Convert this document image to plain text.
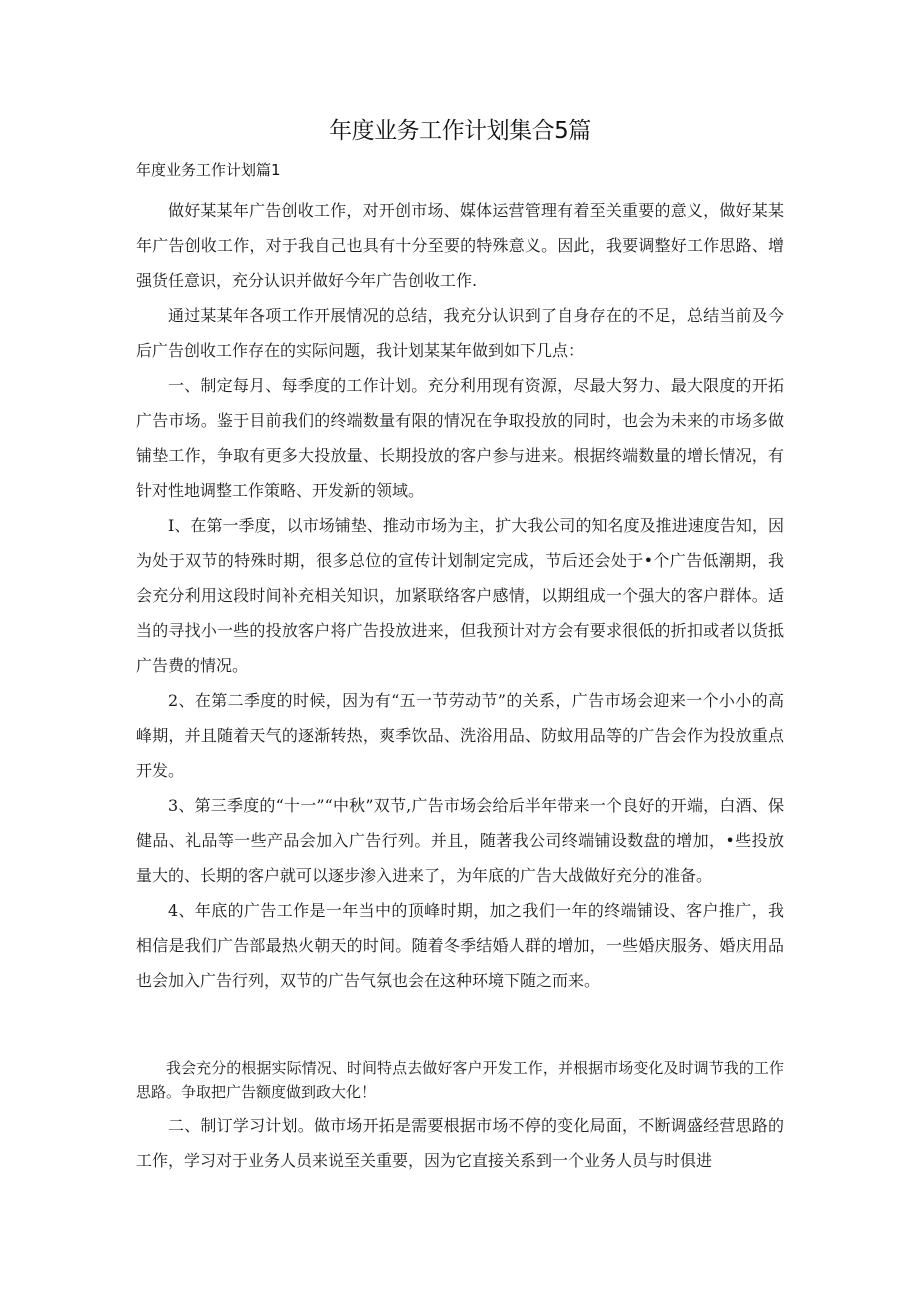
年度业务工作计划集合5篇
年度业务工作计划篇1

做好某某年广告创收工作，对开创市场、媒体运营管理有着至关重要的意义，做好某某年广告创收工作，对于我自己也具有十分至要的特殊意义。因此，我要调整好工作思路、增强货任意识，充分认识并做好今年广告创收工作.

通过某某年各项工作开展情况的总结，我充分认识到了自身存在的不足，总结当前及今后广告创收工作存在的实际问题，我计划某某年做到如下几点：

一、制定每月、每季度的工作计划。充分利用现有资源，尽最大努力、最大限度的开拓广告市场。鉴于目前我们的终端数量有限的情况在争取投放的同时，也会为未来的市场多做铺垫工作，争取有更多大投放量、长期投放的客户参与进来。根据终端数量的增长情况，有针对性地调整工作策略、开发新的领域。

I、在第一季度，以市场铺垫、推动市场为主，扩大我公司的知名度及推进速度告知，因为处于双节的特殊时期，很多总位的宣传计划制定完成，节后还会处于•个广告低潮期，我会充分利用这段时间补充相关知识，加紧联络客户感情，以期组成一个强大的客户群体。适当的寻找小一些的投放客户将广告投放进来，但我预计对方会有要求很低的折扣或者以货抵广告费的情况。

2、在第二季度的时候，因为有“五一节劳动节”的关系，广告市场会迎来一个小小的高峰期，并且随着天气的逐渐转热，爽季饮品、洗浴用品、防蚊用品等的广告会作为投放重点开发。

3、第三季度的“十一”“中秋”双节,广告市场会给后半年带来一个良好的开端，白酒、保健品、礼品等一些产品会加入广告行列。并且，随著我公司终端铺设数盘的增加，•些投放量大的、长期的客户就可以逐步渗入进来了，为年底的广告大战做好充分的准备。

4、年底的广告工作是一年当中的顶峰时期，加之我们一年的终端铺设、客户推广，我相信是我们广告部最热火朝天的时间。随着冬季结婚人群的增加，一些婚庆服务、婚庆用品也会加入广告行列，双节的广告气氛也会在这种环境下随之而来。

我会充分的根据实际情况、时间特点去做好客户开发工作，并根据市场变化及时调节我的工作思路。争取把广告额度做到政大化！

二、制订学习计划。做市场开拓是需要根据市场不停的变化局面，不断调盛经营思路的工作，学习对于业务人员来说至关重要，因为它直接关系到一个业务人员与时俱进
